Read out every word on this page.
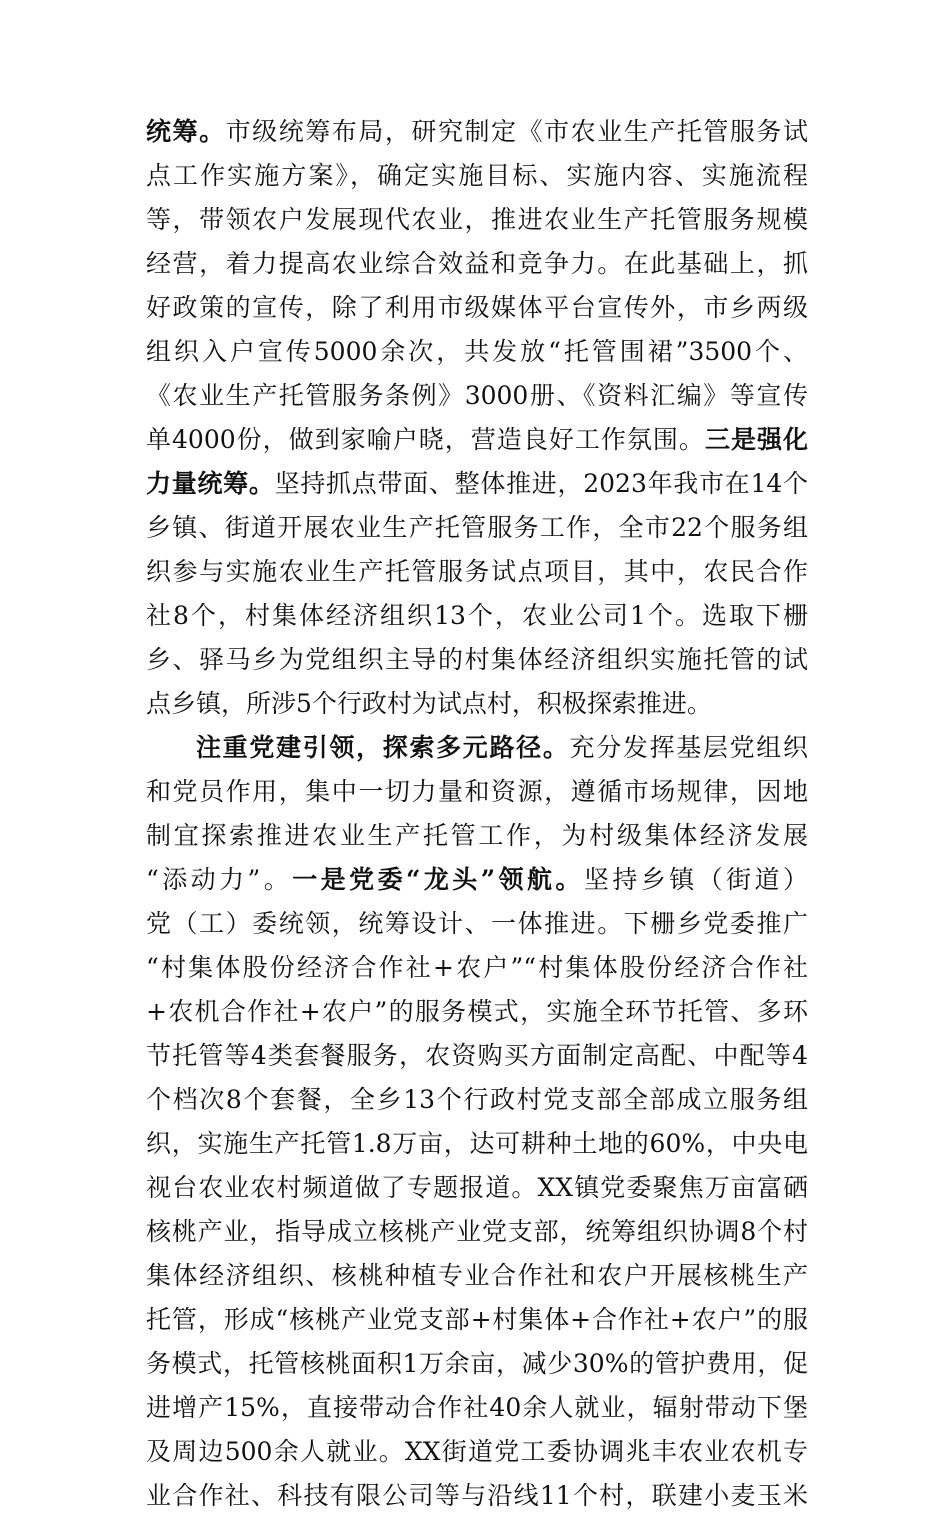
统筹。市级统筹布局，研究制定《市农业生产托管服务试
点工作实施方案》，确定实施目标、实施内容、实施流程
等，带领农户发展现代农业，推进农业生产托管服务规模
经营，着力提高农业综合效益和竞争力。在此基础上，抓
好政策的宣传，除了利用市级媒体平台宣传外，市乡两级
组织入户宣传5000余次，共发放“托管围裙”3500个、
《农业生产托管服务条例》3000册、《资料汇编》等宣传
单4000份，做到家喻户晓，营造良好工作氛围。三是强化
力量统筹。坚持抓点带面、整体推进，2023年我市在14个
乡镇、街道开展农业生产托管服务工作，全市22个服务组
织参与实施农业生产托管服务试点项目，其中，农民合作
社8个，村集体经济组织13个，农业公司1个。选取下栅
乡、驿马乡为党组织主导的村集体经济组织实施托管的试
点乡镇，所涉5个行政村为试点村，积极探索推进。
注重党建引领，探索多元路径。充分发挥基层党组织
和党员作用，集中一切力量和资源，遵循市场规律，因地
制宜探索推进农业生产托管工作，为村级集体经济发展
“添动力”。一是党委“龙头”领航。坚持乡镇（街道）
党（工）委统领，统筹设计、一体推进。下栅乡党委推广
“村集体股份经济合作社+农户”“村集体股份经济合作社
+农机合作社+农户”的服务模式，实施全环节托管、多环
节托管等4类套餐服务，农资购买方面制定高配、中配等4
个档次8个套餐，全乡13个行政村党支部全部成立服务组
织，实施生产托管1.8万亩，达可耕种土地的60%，中央电
视台农业农村频道做了专题报道。XX镇党委聚焦万亩富硒
核桃产业，指导成立核桃产业党支部，统筹组织协调8个村
集体经济组织、核桃种植专业合作社和农户开展核桃生产
托管，形成“核桃产业党支部+村集体+合作社+农户”的服
务模式，托管核桃面积1万余亩，减少30%的管护费用，促
进增产15%，直接带动合作社40余人就业，辐射带动下堡
及周边500余人就业。XX街道党工委协调兆丰农业农机专
业合作社、科技有限公司等与沿线11个村，联建小麦玉米
